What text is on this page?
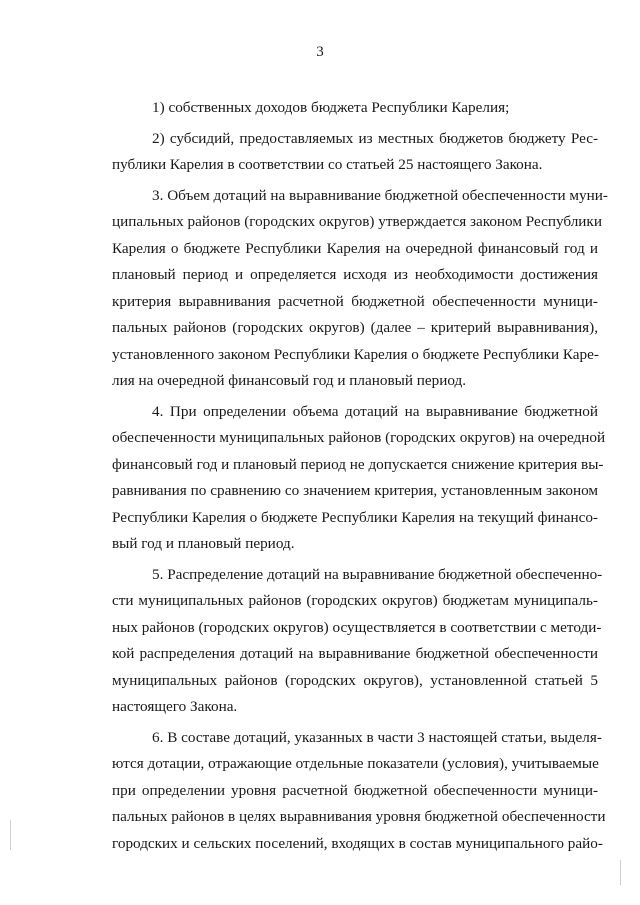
3
1) собственных доходов бюджета Республики Карелия;
2) субсидий, предоставляемых из местных бюджетов бюджету Рес-
публики Карелия в соответствии со статьей 25 настоящего Закона.
3. Объем дотаций на выравнивание бюджетной обеспеченности муни-
ципальных районов (городских округов) утверждается законом Республики
Карелия о бюджете Республики Карелия на очередной финансовый год и
плановый период и определяется исходя из необходимости достижения
критерия выравнивания расчетной бюджетной обеспеченности муници-
пальных районов (городских округов) (далее – критерий выравнивания),
установленного законом Республики Карелия о бюджете Республики Каре-
лия на очередной финансовый год и плановый период.
4. При определении объема дотаций на выравнивание бюджетной
обеспеченности муниципальных районов (городских округов) на очередной
финансовый год и плановый период не допускается снижение критерия вы-
равнивания по сравнению со значением критерия, установленным законом
Республики Карелия о бюджете Республики Карелия на текущий финансо-
вый год и плановый период.
5. Распределение дотаций на выравнивание бюджетной обеспеченно-
сти муниципальных районов (городских округов) бюджетам муниципаль-
ных районов (городских округов) осуществляется в соответствии с методи-
кой распределения дотаций на выравнивание бюджетной обеспеченности
муниципальных районов (городских округов), установленной статьей 5
настоящего Закона.
6. В составе дотаций, указанных в части 3 настоящей статьи, выделя-
ются дотации, отражающие отдельные показатели (условия), учитываемые
при определении уровня расчетной бюджетной обеспеченности муници-
пальных районов в целях выравнивания уровня бюджетной обеспеченности
городских и сельских поселений, входящих в состав муниципального райо-
